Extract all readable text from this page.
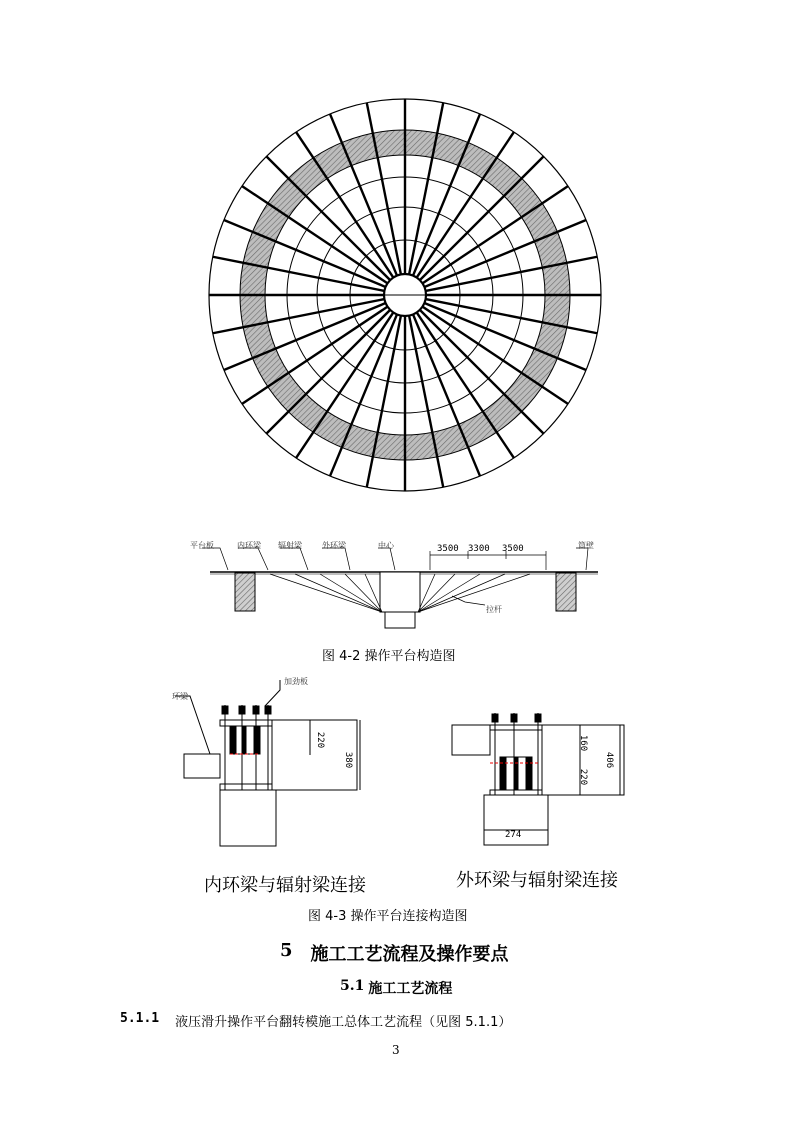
平台板	内环梁 辐射梁	外环梁	中心	3500 3300 3500	筒壁
拉杆
图 4-2 操作平台构造图
环梁
加劲板
220
380
内环梁与辐射梁连接
160
220
406
274
外环梁与辐射梁连接
图 4-3 操作平台连接构造图
5 施工工艺流程及操作要点
5.1 施工工艺流程
5.1.1 液压滑升操作平台翻转模施工总体工艺流程（见图 5.1.1）
3
